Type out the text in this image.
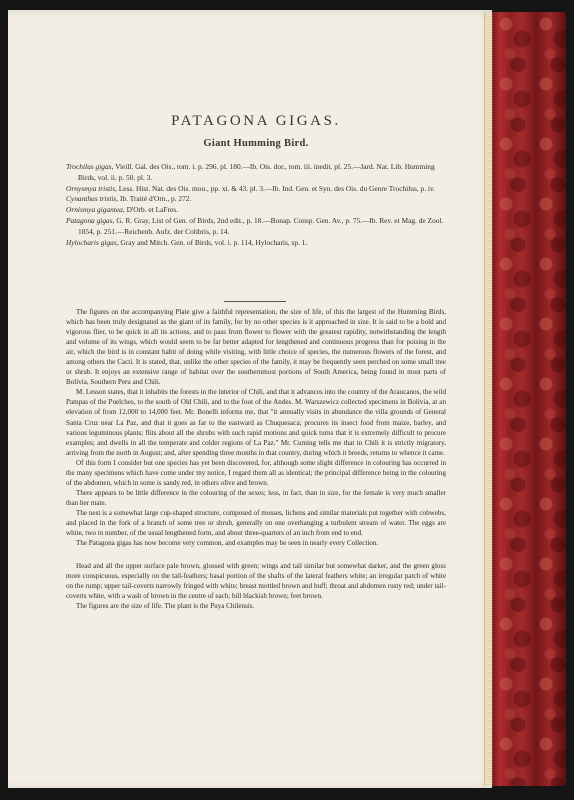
PATAGONA GIGAS.
Giant Humming Bird.

Trochilus gigas, Vieill. Gal. des Ois., tom. i. p. 296. pl. 180.—Ib. Ois. dor., tom. iii. inedit. pl. 25.—Jard. Nat. Lib. Humming Birds, vol. ii. p. 50. pl. 3.

Ornysmya tristis, Less. Hist. Nat. des Ois. mou., pp. xi. & 43. pl. 3.—Ib. Ind. Gen. et Syn. des Ois. du Genre Trochilus, p. iv.

Cynanthus tristis, Ib. Traité d'Orn., p. 272.

Ornismya gigantea, D'Orb. et LaFres.

Patagona gigas, G. R. Gray, List of Gen. of Birds, 2nd edit., p. 18.—Bonap. Consp. Gen. Av., p. 75.—Ib. Rev. et Mag. de Zool. 1854, p. 251.—Reichenb. Aufz. der Colibris, p. 14.

Hylocharis gigas, Gray and Mitch. Gen. of Birds, vol. i. p. 114, Hylocharis, sp. 1.

The figures on the accompanying Plate give a faithful representation, the size of life, of this the largest of the Humming Birds, which has been truly designated as the giant of its family, for by no other species is it approached in size. It is said to be a bold and vigorous flier, to be quick in all its actions, and to pass from flower to flower with the greatest rapidity, notwithstanding the length and volume of its wings, which would seem to be far better adapted for lengthened and continuous progress than for poising in the air, which the bird is in constant habit of doing while visiting, with little choice of species, the numerous flowers of the forest, and among others the Cacti. It is stated, that, unlike the other species of the family, it may be frequently seen perched on some small tree or shrub. It enjoys an extensive range of habitat over the southernmost portions of South America, being found in most parts of Bolivia, Southern Peru and Chili.

M. Lesson states, that it inhabits the forests in the interior of Chili, and that it advances into the country of the Araucanos, the wild Pampas of the Puelches, to the south of Old Chili, and to the foot of the Andes. M. Warszewicz collected specimens in Bolivia, at an elevation of from 12,000 to 14,000 feet. Mr. Bonelli informs me, that "it annually visits in abundance the villa grounds of General Santa Cruz near La Paz, and that it goes as far to the eastward as Chuquesaca; procures its insect food from maize, barley, and various leguminous plants; flits about all the shrubs with such rapid motions and quick turns that it is extremely difficult to procure examples; and dwells in all the temperate and colder regions of La Paz." Mr. Cuming tells me that in Chili it is strictly migratory, arriving from the north in August; and, after spending three months in that country, during which it breeds, returns to whence it came.

Of this form I consider but one species has yet been discovered, for, although some slight difference in colouring has occurred in the many specimens which have come under my notice, I regard them all as identical; the principal difference being in the colouring of the abdomen, which in some is sandy red, in others olive and brown.

There appears to be little difference in the colouring of the sexes; less, in fact, than in size, for the female is very much smaller than her mate.

The nest is a somewhat large cup-shaped structure, composed of mosses, lichens and similar materials put together with cobwebs, and placed in the fork of a branch of some tree or shrub, generally on one overhanging a turbulent stream of water. The eggs are white, two in number, of the usual lengthened form, and about three-quarters of an inch from end to end.

The Patagona gigas has now become very common, and examples may be seen in nearly every Collection.

Head and all the upper surface pale brown, glossed with green; wings and tail similar but somewhat darker, and the green gloss more conspicuous, especially on the tail-feathers; basal portion of the shafts of the lateral feathers white; an irregular patch of white on the rump; upper tail-coverts narrowly fringed with white; breast mottled brown and buff; throat and abdomen rusty red; under tail-coverts white, with a wash of brown in the centre of each; bill blackish brown; feet brown.

The figures are the size of life. The plant is the Puya Chilensis.
